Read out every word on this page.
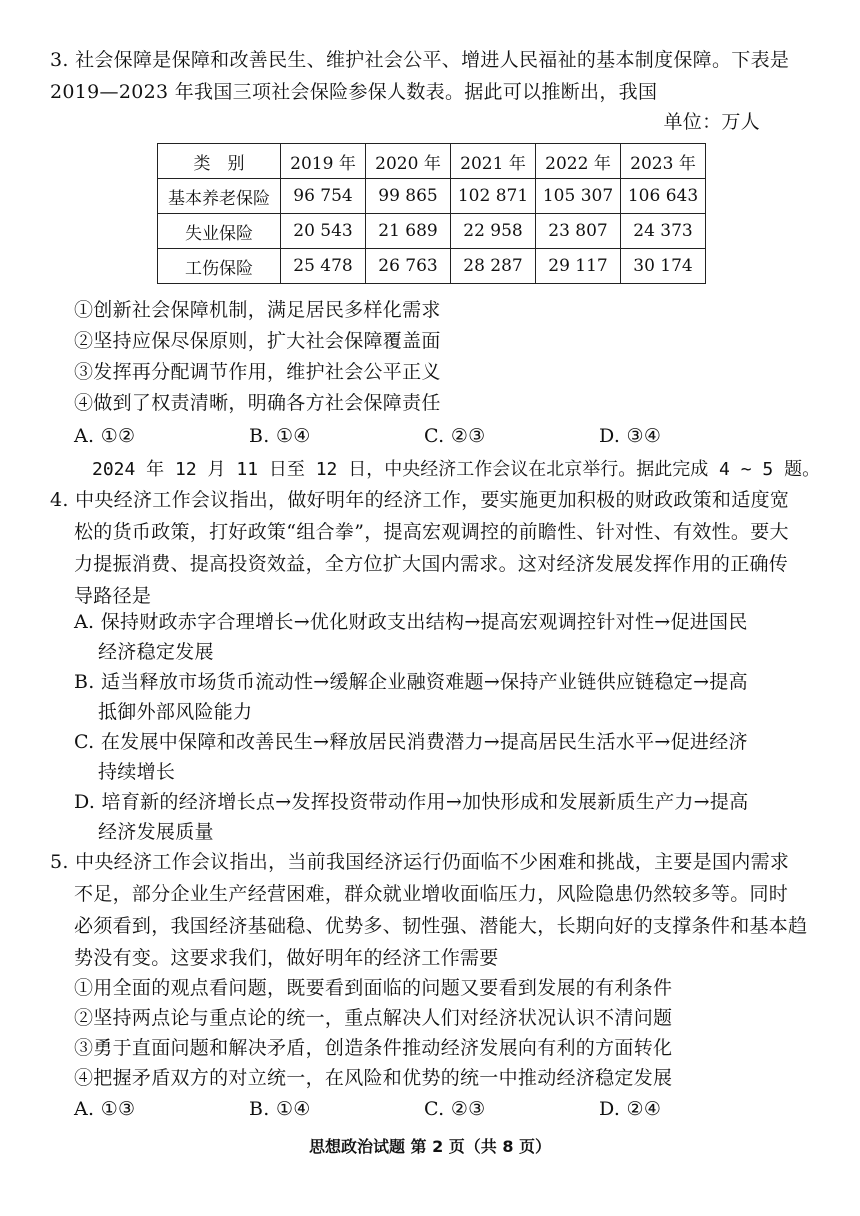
3. 社会保障是保障和改善民生、维护社会公平、增进人民福祉的基本制度保障。下表是
2019—2023 年我国三项社会保险参保人数表。据此可以推断出，我国
单位：万人
类　别	2019 年	2020 年	2021 年	2022 年	2023 年
基本养老保险	96 754	99 865	102 871	105 307	106 643
失业保险	20 543	21 689	22 958	23 807	24 373
工伤保险	25 478	26 763	28 287	29 117	30 174
①创新社会保障机制，满足居民多样化需求
②坚持应保尽保原则，扩大社会保障覆盖面
③发挥再分配调节作用，维护社会公平正义
④做到了权责清晰，明确各方社会保障责任
A. ①②	B. ①④	C. ②③	D. ③④
2024 年 12 月 11 日至 12 日，中央经济工作会议在北京举行。据此完成 4 ~ 5 题。
4. 中央经济工作会议指出，做好明年的经济工作，要实施更加积极的财政政策和适度宽
松的货币政策，打好政策“组合拳”，提高宏观调控的前瞻性、针对性、有效性。要大
力提振消费、提高投资效益，全方位扩大国内需求。这对经济发展发挥作用的正确传
导路径是
A. 保持财政赤字合理增长→优化财政支出结构→提高宏观调控针对性→促进国民
经济稳定发展
B. 适当释放市场货币流动性→缓解企业融资难题→保持产业链供应链稳定→提高
抵御外部风险能力
C. 在发展中保障和改善民生→释放居民消费潜力→提高居民生活水平→促进经济
持续增长
D. 培育新的经济增长点→发挥投资带动作用→加快形成和发展新质生产力→提高
经济发展质量
5. 中央经济工作会议指出，当前我国经济运行仍面临不少困难和挑战，主要是国内需求
不足，部分企业生产经营困难，群众就业增收面临压力，风险隐患仍然较多等。同时
必须看到，我国经济基础稳、优势多、韧性强、潜能大，长期向好的支撑条件和基本趋
势没有变。这要求我们，做好明年的经济工作需要
①用全面的观点看问题，既要看到面临的问题又要看到发展的有利条件
②坚持两点论与重点论的统一，重点解决人们对经济状况认识不清问题
③勇于直面问题和解决矛盾，创造条件推动经济发展向有利的方面转化
④把握矛盾双方的对立统一，在风险和优势的统一中推动经济稳定发展
A. ①③	B. ①④	C. ②③	D. ②④
思想政治试题 第 2 页（共 8 页）
